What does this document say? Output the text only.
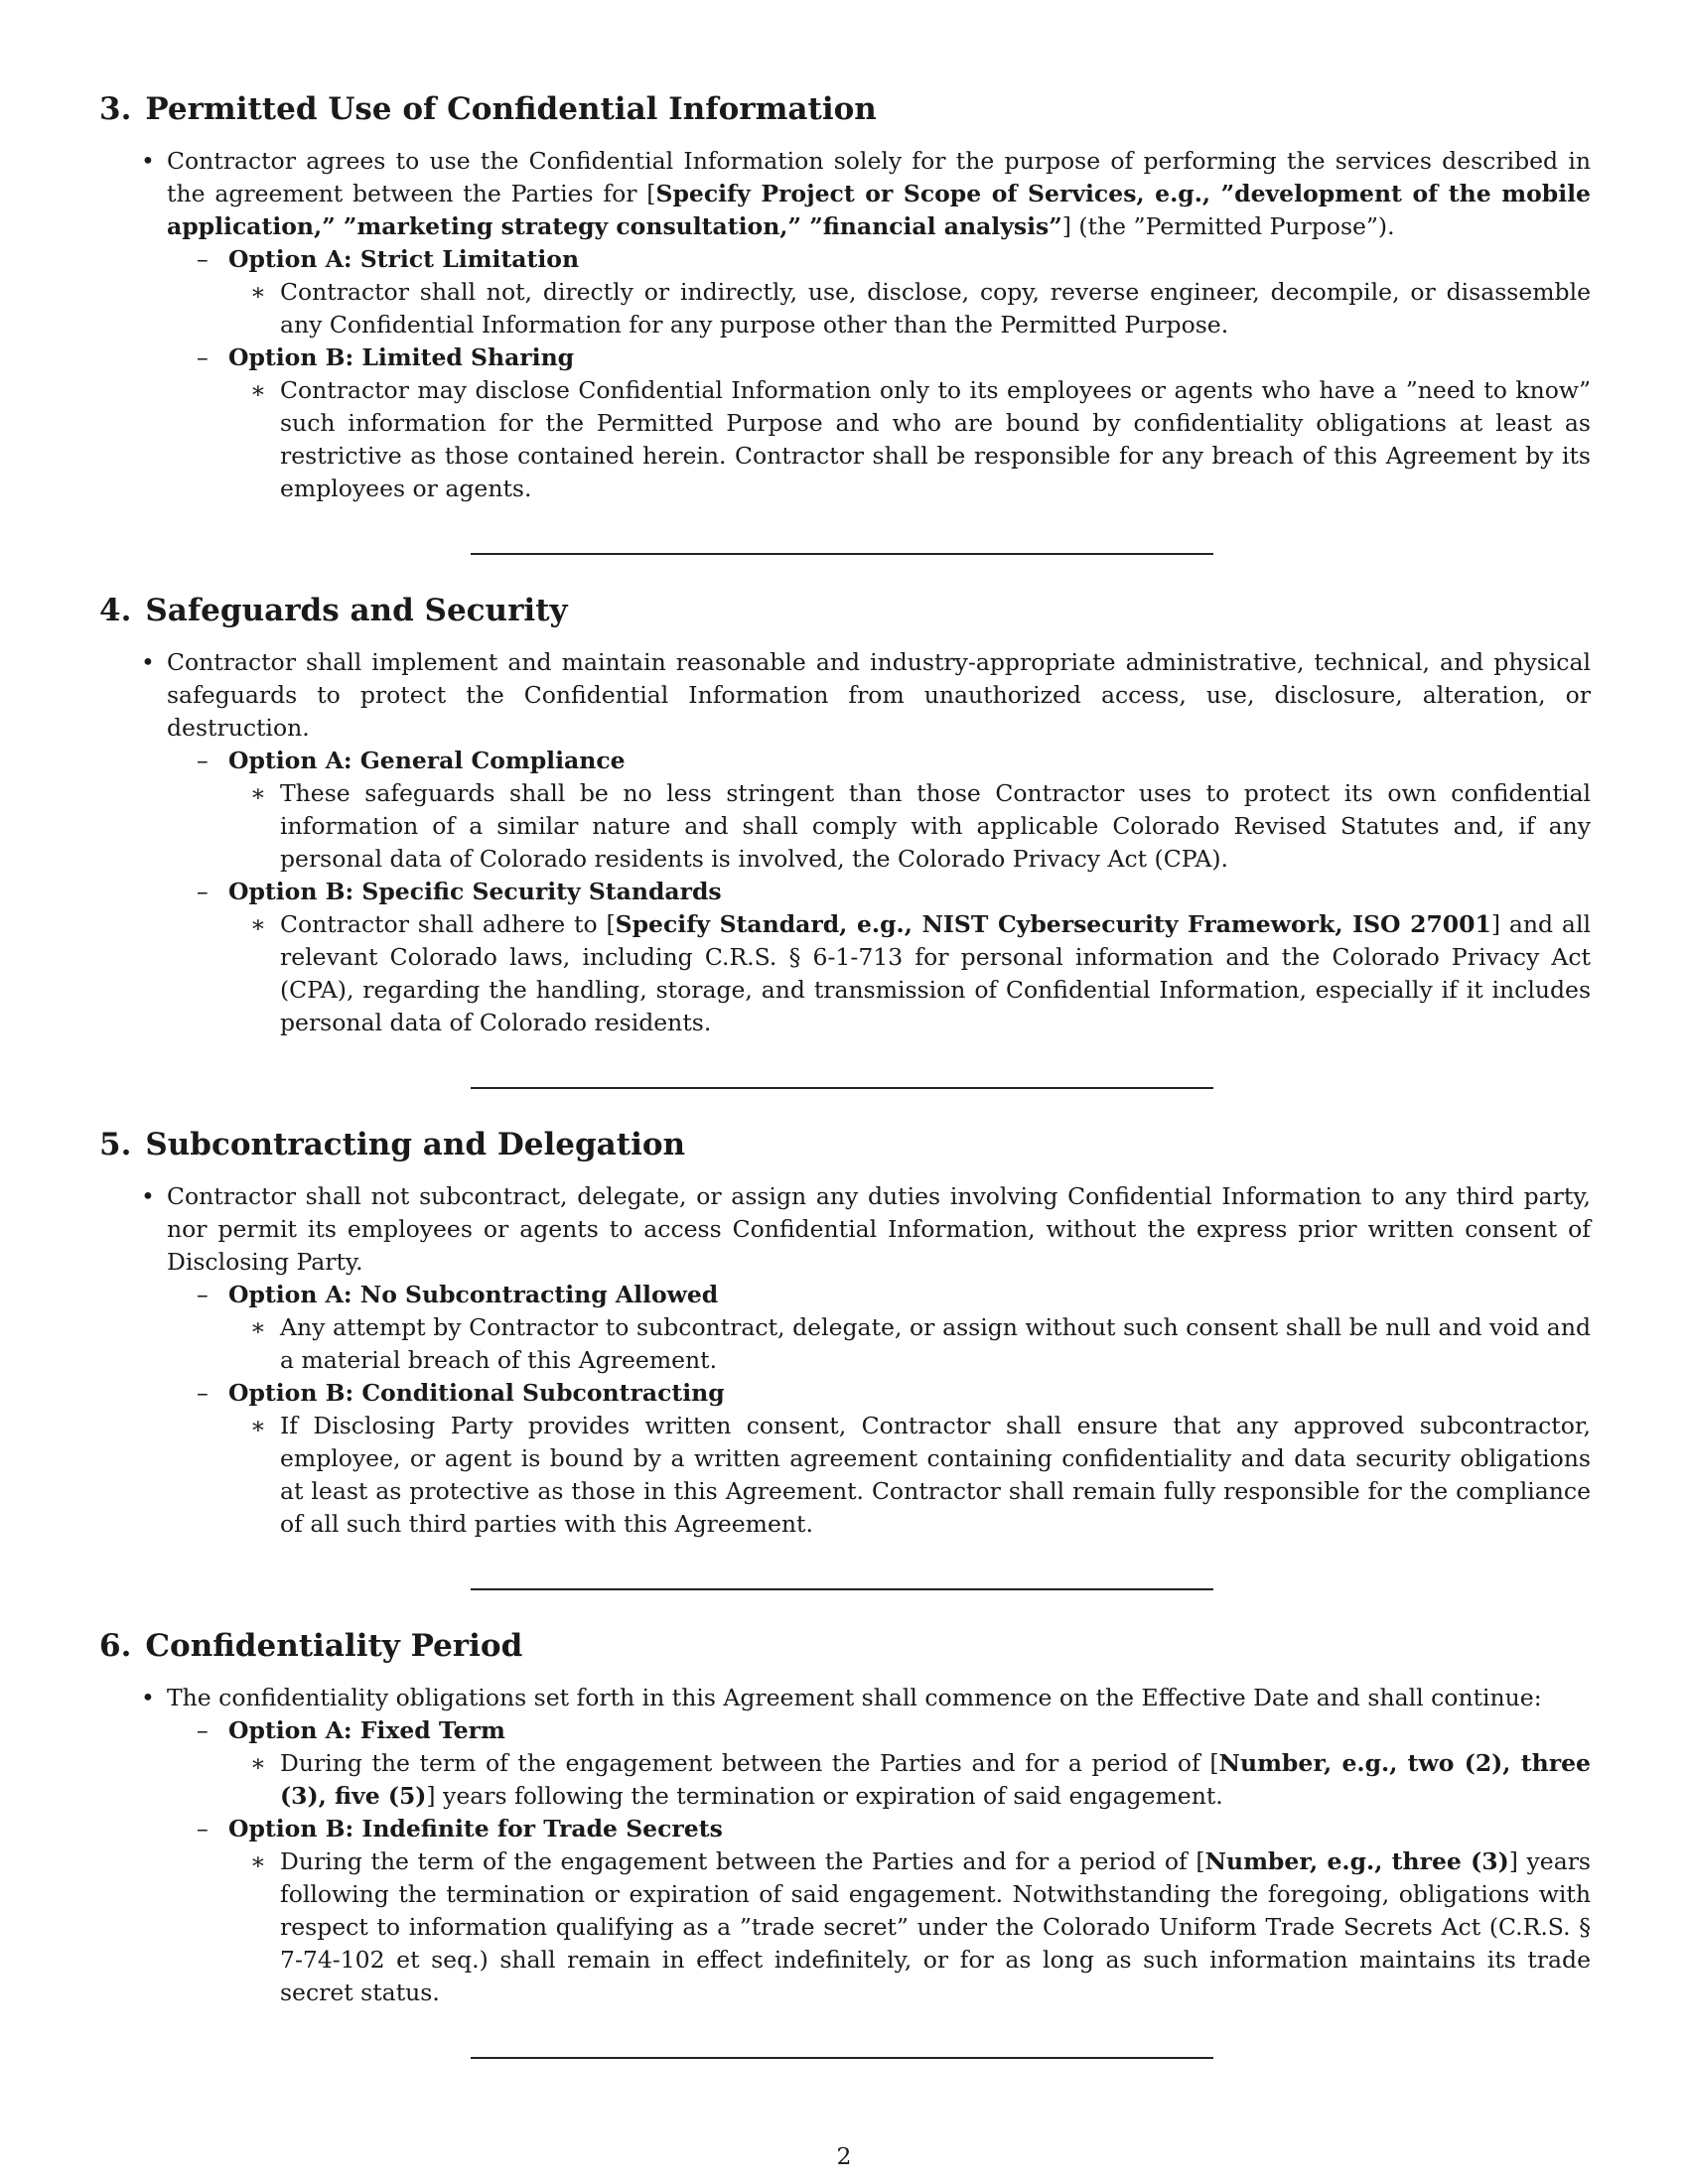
3. Permitted Use of Confidential Information
• Contractor agrees to use the Confidential Information solely for the purpose of performing the services described in the agreement between the Parties for [Specify Project or Scope of Services, e.g., ”development of the mobile application,” ”marketing strategy consultation,” ”financial analysis”] (the ”Permitted Purpose”).
– Option A: Strict Limitation
∗ Contractor shall not, directly or indirectly, use, disclose, copy, reverse engineer, decompile, or disassemble any Confidential Information for any purpose other than the Permitted Purpose.
– Option B: Limited Sharing
∗ Contractor may disclose Confidential Information only to its employees or agents who have a ”need to know” such information for the Permitted Purpose and who are bound by confidentiality obligations at least as restrictive as those contained herein. Contractor shall be responsible for any breach of this Agreement by its employees or agents.
4. Safeguards and Security
• Contractor shall implement and maintain reasonable and industry-appropriate administrative, technical, and physical safeguards to protect the Confidential Information from unauthorized access, use, disclosure, alteration, or destruction.
– Option A: General Compliance
∗ These safeguards shall be no less stringent than those Contractor uses to protect its own confidential information of a similar nature and shall comply with applicable Colorado Revised Statutes and, if any personal data of Colorado residents is involved, the Colorado Privacy Act (CPA).
– Option B: Specific Security Standards
∗ Contractor shall adhere to [Specify Standard, e.g., NIST Cybersecurity Framework, ISO 27001] and all relevant Colorado laws, including C.R.S. § 6-1-713 for personal information and the Colorado Privacy Act (CPA), regarding the handling, storage, and transmission of Confidential Information, especially if it includes personal data of Colorado residents.
5. Subcontracting and Delegation
• Contractor shall not subcontract, delegate, or assign any duties involving Confidential Information to any third party, nor permit its employees or agents to access Confidential Information, without the express prior written consent of Disclosing Party.
– Option A: No Subcontracting Allowed
∗ Any attempt by Contractor to subcontract, delegate, or assign without such consent shall be null and void and a material breach of this Agreement.
– Option B: Conditional Subcontracting
∗ If Disclosing Party provides written consent, Contractor shall ensure that any approved subcontractor, employee, or agent is bound by a written agreement containing confidentiality and data security obligations at least as protective as those in this Agreement. Contractor shall remain fully responsible for the compliance of all such third parties with this Agreement.
6. Confidentiality Period
• The confidentiality obligations set forth in this Agreement shall commence on the Effective Date and shall continue:
– Option A: Fixed Term
∗ During the term of the engagement between the Parties and for a period of [Number, e.g., two (2), three (3), five (5)] years following the termination or expiration of said engagement.
– Option B: Indefinite for Trade Secrets
∗ During the term of the engagement between the Parties and for a period of [Number, e.g., three (3)] years following the termination or expiration of said engagement. Notwithstanding the foregoing, obligations with respect to information qualifying as a ”trade secret” under the Colorado Uniform Trade Secrets Act (C.R.S. § 7-74-102 et seq.) shall remain in effect indefinitely, or for as long as such information maintains its trade secret status.
2
